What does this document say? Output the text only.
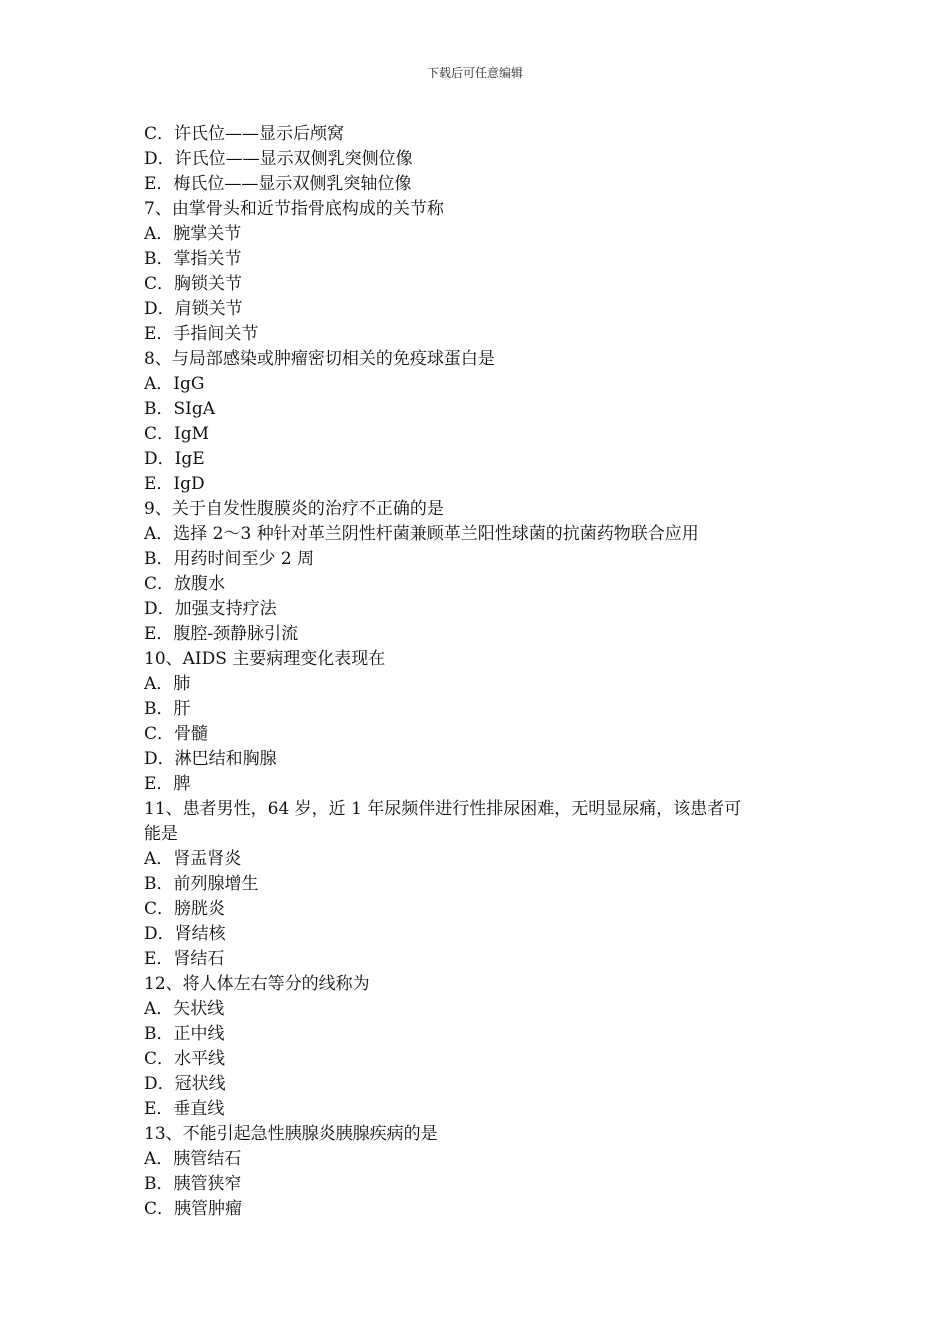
下载后可任意编辑
C．许氏位——显示后颅窝
D．许氏位——显示双侧乳突侧位像
E．梅氏位——显示双侧乳突轴位像
7、由掌骨头和近节指骨底构成的关节称
A．腕掌关节
B．掌指关节
C．胸锁关节
D．肩锁关节
E．手指间关节
8、与局部感染或肿瘤密切相关的免疫球蛋白是
A．IgG
B．SIgA
C．IgM
D．IgE
E．IgD
9、关于自发性腹膜炎的治疗不正确的是
A．选择 2～3 种针对革兰阴性杆菌兼顾革兰阳性球菌的抗菌药物联合应用
B．用药时间至少 2 周
C．放腹水
D．加强支持疗法
E．腹腔-颈静脉引流
10、AIDS 主要病理变化表现在
A．肺
B．肝
C．骨髓
D．淋巴结和胸腺
E．脾
11、患者男性，64 岁，近 1 年尿频伴进行性排尿困难，无明显尿痛，该患者可
能是
A．肾盂肾炎
B．前列腺增生
C．膀胱炎
D．肾结核
E．肾结石
12、将人体左右等分的线称为
A．矢状线
B．正中线
C．水平线
D．冠状线
E．垂直线
13、不能引起急性胰腺炎胰腺疾病的是
A．胰管结石
B．胰管狭窄
C．胰管肿瘤
